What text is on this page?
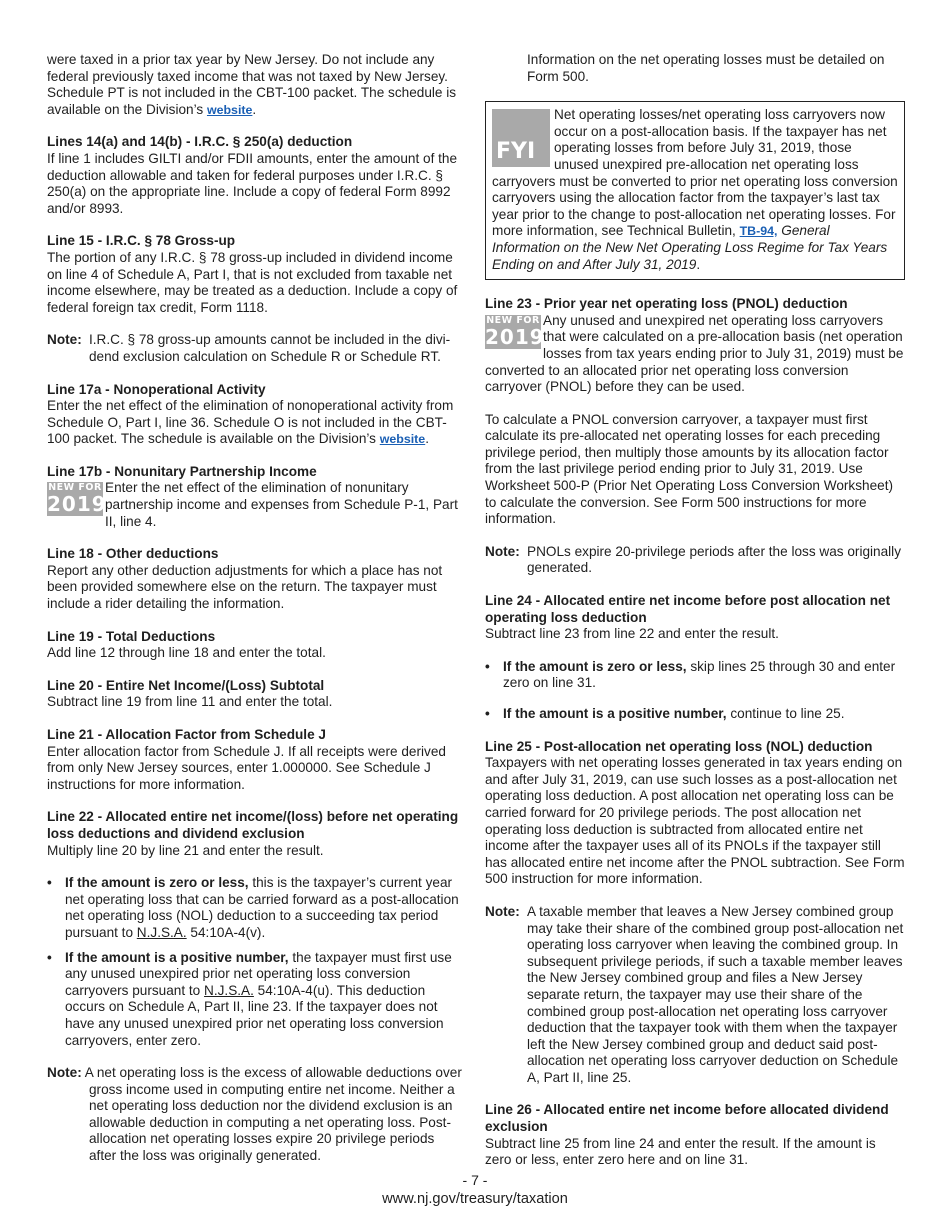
were taxed in a prior tax year by New Jersey. Do not include any federal previously taxed income that was not taxed by New Jersey. Schedule PT is not included in the CBT-100 packet. The schedule is available on the Division’s website.

Lines 14(a) and 14(b) - I.R.C. § 250(a) deduction

If line 1 includes GILTI and/or FDII amounts, enter the amount of the deduction allowable and taken for federal purposes under I.R.C. § 250(a) on the appropriate line. Include a copy of federal Form 8992 and/or 8993.

Line 15 - I.R.C. § 78 Gross-up

The portion of any I.R.C. § 78 gross-up included in dividend income on line 4 of Schedule A, Part I, that is not excluded from taxable net income elsewhere, may be treated as a deduction. Include a copy of federal foreign tax credit, Form 1118.

Note: I.R.C. § 78 gross-up amounts cannot be included in the dividend exclusion calculation on Schedule R or Schedule RT.

Line 17a - Nonoperational Activity

Enter the net effect of the elimination of nonoperational activity from Schedule O, Part I, line 36. Schedule O is not included in the CBT-100 packet. The schedule is available on the Division’s website.

Line 17b - Nonunitary Partnership Income

NEW FOR
2019

Enter the net effect of the elimination of nonunitary partnership income and expenses from Schedule P-1, Part II, line 4.

Line 18 - Other deductions

Report any other deduction adjustments for which a place has not been provided somewhere else on the return. The taxpayer must include a rider detailing the information.

Line 19 - Total Deductions

Add line 12 through line 18 and enter the total.

Line 20 - Entire Net Income/(Loss) Subtotal

Subtract line 19 from line 11 and enter the total.

Line 21 - Allocation Factor from Schedule J

Enter allocation factor from Schedule J. If all receipts were derived from only New Jersey sources, enter 1.000000. See Schedule J instructions for more information.

Line 22 - Allocated entire net income/(loss) before net operating loss deductions and dividend exclusion

Multiply line 20 by line 21 and enter the result.

• If the amount is zero or less, this is the taxpayer’s current year net operating loss that can be carried forward as a post-allocation net operating loss (NOL) deduction to a succeeding tax period pursuant to N.J.S.A. 54:10A-4(v).
• If the amount is a positive number, the taxpayer must first use any unused unexpired prior net operating loss conversion carryovers pursuant to N.J.S.A. 54:10A-4(u). This deduction occurs on Schedule A, Part II, line 23. If the taxpayer does not have any unused unexpired prior net operating loss conversion carryovers, enter zero.

Note: A net operating loss is the excess of allowable deductions over gross income used in computing entire net income. Neither a net operating loss deduction nor the dividend exclusion is an allowable deduction in computing a net operating loss. Post-allocation net operating losses expire 20 privilege periods after the loss was originally generated.

Information on the net operating losses must be detailed on Form 500.

FYI

Net operating losses/net operating loss carryovers now occur on a post-allocation basis. If the taxpayer has net operating losses from before July 31, 2019, those unused unexpired pre-allocation net operating loss carryovers must be converted to prior net operating loss conversion carryovers using the allocation factor from the taxpayer’s last tax year prior to the change to post-allocation net operating losses. For more information, see Technical Bulletin, TB-94, General Information on the New Net Operating Loss Regime for Tax Years Ending on and After July 31, 2019.

Line 23 - Prior year net operating loss (PNOL) deduction

NEW FOR
2019

Any unused and unexpired net operating loss carryovers that were calculated on a pre-allocation basis (net operation losses from tax years ending prior to July 31, 2019) must be converted to an allocated prior net operating loss conversion carryover (PNOL) before they can be used.

To calculate a PNOL conversion carryover, a taxpayer must first calculate its pre-allocated net operating losses for each preceding privilege period, then multiply those amounts by its allocation factor from the last privilege period ending prior to July 31, 2019. Use Worksheet 500-P (Prior Net Operating Loss Conversion Worksheet) to calculate the conversion. See Form 500 instructions for more information.

Note: PNOLs expire 20-privilege periods after the loss was originally generated.

Line 24 - Allocated entire net income before post allocation net operating loss deduction

Subtract line 23 from line 22 and enter the result.

• If the amount is zero or less, skip lines 25 through 30 and enter zero on line 31.
• If the amount is a positive number, continue to line 25.

Line 25 - Post-allocation net operating loss (NOL) deduction

Taxpayers with net operating losses generated in tax years ending on and after July 31, 2019, can use such losses as a post-allocation net operating loss deduction. A post allocation net operating loss can be carried forward for 20 privilege periods. The post allocation net operating loss deduction is subtracted from allocated entire net income after the taxpayer uses all of its PNOLs if the taxpayer still has allocated entire net income after the PNOL subtraction. See Form 500 instruction for more information.

Note: A taxable member that leaves a New Jersey combined group may take their share of the combined group post-allocation net operating loss carryover when leaving the combined group. In subsequent privilege periods, if such a taxable member leaves the New Jersey combined group and files a New Jersey separate return, the taxpayer may use their share of the combined group post-allocation net operating loss carryover deduction that the taxpayer took with them when the taxpayer left the New Jersey combined group and deduct said post-allocation net operating loss carryover deduction on Schedule A, Part II, line 25.

Line 26 - Allocated entire net income before allocated dividend exclusion

Subtract line 25 from line 24 and enter the result. If the amount is zero or less, enter zero here and on line 31.

- 7 -
www.nj.gov/treasury/taxation
